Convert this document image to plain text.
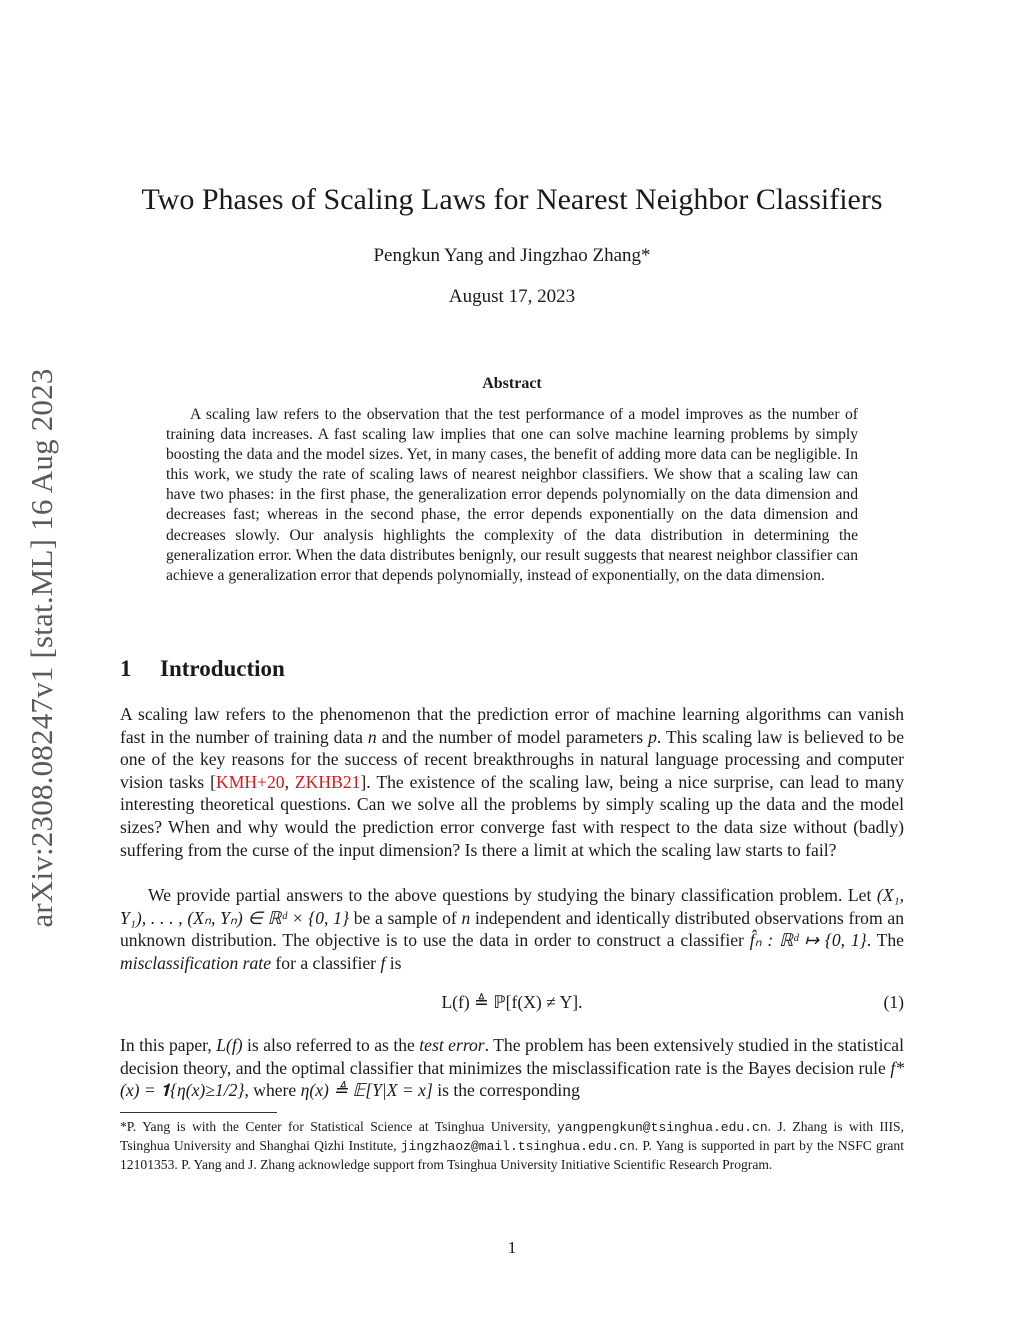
arXiv:2308.08247v1 [stat.ML] 16 Aug 2023
Two Phases of Scaling Laws for Nearest Neighbor Classifiers
Pengkun Yang and Jingzhao Zhang*
August 17, 2023
Abstract
A scaling law refers to the observation that the test performance of a model improves as the number of training data increases. A fast scaling law implies that one can solve machine learning problems by simply boosting the data and the model sizes. Yet, in many cases, the benefit of adding more data can be negligible. In this work, we study the rate of scaling laws of nearest neighbor classifiers. We show that a scaling law can have two phases: in the first phase, the generalization error depends polynomially on the data dimension and decreases fast; whereas in the second phase, the error depends exponentially on the data dimension and decreases slowly. Our analysis highlights the complexity of the data distribution in determining the generalization error. When the data distributes benignly, our result suggests that nearest neighbor classifier can achieve a generalization error that depends polynomially, instead of exponentially, on the data dimension.
1 Introduction
A scaling law refers to the phenomenon that the prediction error of machine learning algorithms can vanish fast in the number of training data n and the number of model parameters p. This scaling law is believed to be one of the key reasons for the success of recent breakthroughs in natural language processing and computer vision tasks [KMH+20, ZKHB21]. The existence of the scaling law, being a nice surprise, can lead to many interesting theoretical questions. Can we solve all the problems by simply scaling up the data and the model sizes? When and why would the prediction error converge fast with respect to the data size without (badly) suffering from the curse of the input dimension? Is there a limit at which the scaling law starts to fail?
We provide partial answers to the above questions by studying the binary classification problem. Let (X₁, Y₁), . . . , (Xₙ, Yₙ) ∈ ℝᵈ × {0, 1} be a sample of n independent and identically distributed observations from an unknown distribution. The objective is to use the data in order to construct a classifier f̂ₙ : ℝᵈ ↦ {0, 1}. The misclassification rate for a classifier f is
L(f) ≜ ℙ[f(X) ≠ Y].	(1)
In this paper, L(f) is also referred to as the test error. The problem has been extensively studied in the statistical decision theory, and the optimal classifier that minimizes the misclassification rate is the Bayes decision rule f*(x) = 𝟏{η(x)≥1/2}, where η(x) ≜ 𝔼[Y|X = x] is the corresponding
*P. Yang is with the Center for Statistical Science at Tsinghua University, yangpengkun@tsinghua.edu.cn. J. Zhang is with IIIS, Tsinghua University and Shanghai Qizhi Institute, jingzhaoz@mail.tsinghua.edu.cn. P. Yang is supported in part by the NSFC grant 12101353. P. Yang and J. Zhang acknowledge support from Tsinghua University Initiative Scientific Research Program.
1
